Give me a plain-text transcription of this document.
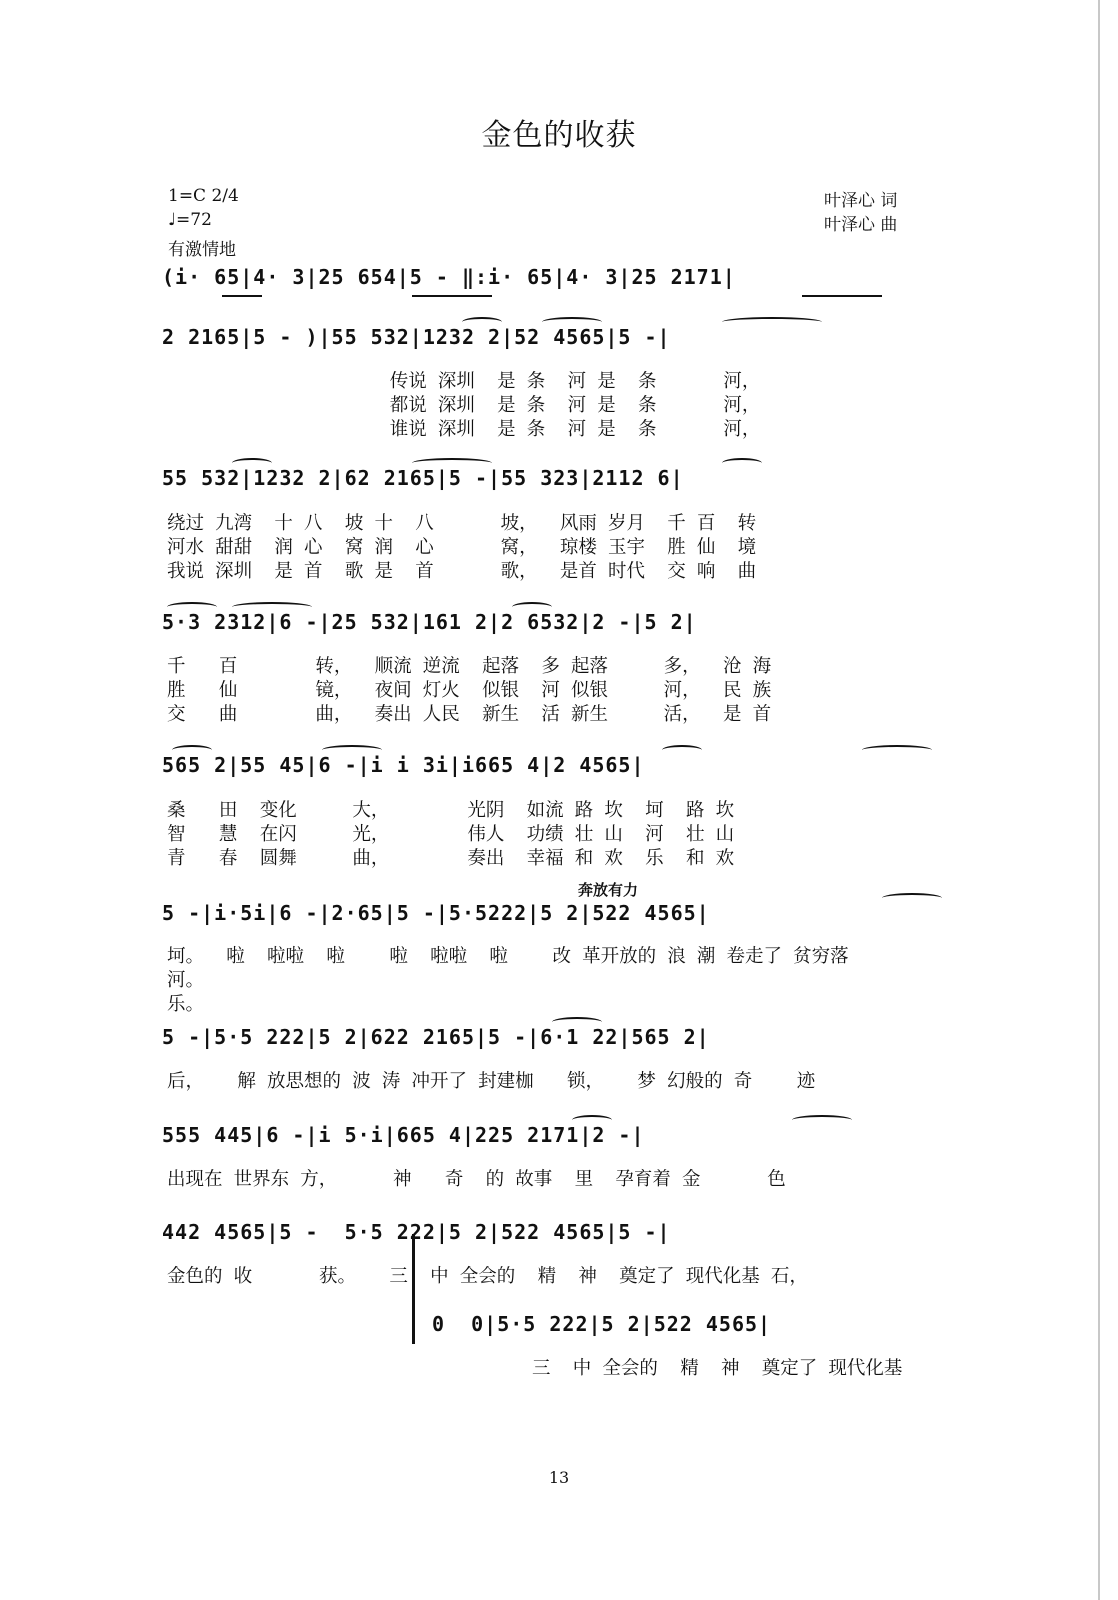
金色的收获
1=C 2/4
♩=72
有激情地
叶泽心 词
叶泽心 曲
(i· 65|4· 3|25 654|5 - ‖:i· 65|4· 3|25 2171|
2 2165|5 - )|55 532|1232 2|52 4565|5 -|
传说 深圳  是 条  河 是  条      河，
都说 深圳  是 条  河 是  条      河，
谁说 深圳  是 条  河 是  条      河，
55 532|1232 2|62 2165|5 -|55 323|2112 6|
绕过 九湾  十 八  坡 十  八      坡，  风雨 岁月  千 百  转
河水 甜甜  润 心  窝 润  心      窝，  琼楼 玉宇  胜 仙  境
我说 深圳  是 首  歌 是  首      歌，  是首 时代  交 响  曲
5·3 2312|6 -|25 532|161 2|2 6532|2 -|5 2|
千   百       转，  顺流 逆流  起落  多 起落     多，  沧 海
胜   仙       镜，  夜间 灯火  似银  河 似银     河，  民 族
交   曲       曲，  奏出 人民  新生  活 新生     活，  是 首
565 2|55 45|6 -|i i 3i|i665 4|2 4565|
桑   田  变化     大，       光阴  如流 路 坎  坷  路 坎
智   慧  在闪     光，       伟人  功绩 壮 山  河  壮 山
青   春  圆舞     曲，       奏出  幸福 和 欢  乐  和 欢
奔放有力
5 -|i·5i|6 -|2·65|5 -|5·5222|5 2|522 4565|
坷。  啦  啦啦  啦    啦  啦啦  啦    改 革开放的 浪 潮 卷走了 贫穷落
河。
乐。
5 -|5·5 222|5 2|622 2165|5 -|6·1 22|565 2|
后，   解 放思想的 波 涛 冲开了 封建枷   锁，   梦 幻般的 奇    迹
555 445|6 -|i 5·i|665 4|225 2171|2 -|
出现在 世界东 方，     神   奇  的 故事  里  孕育着 金      色
442 4565|5 -  5·5 222|5 2|522 4565|5 -|
金色的 收      获。   三  中 全会的  精  神  奠定了 现代化基 石，
0  0|5·5 222|5 2|522 4565|
三  中 全会的  精  神  奠定了 现代化基
13
